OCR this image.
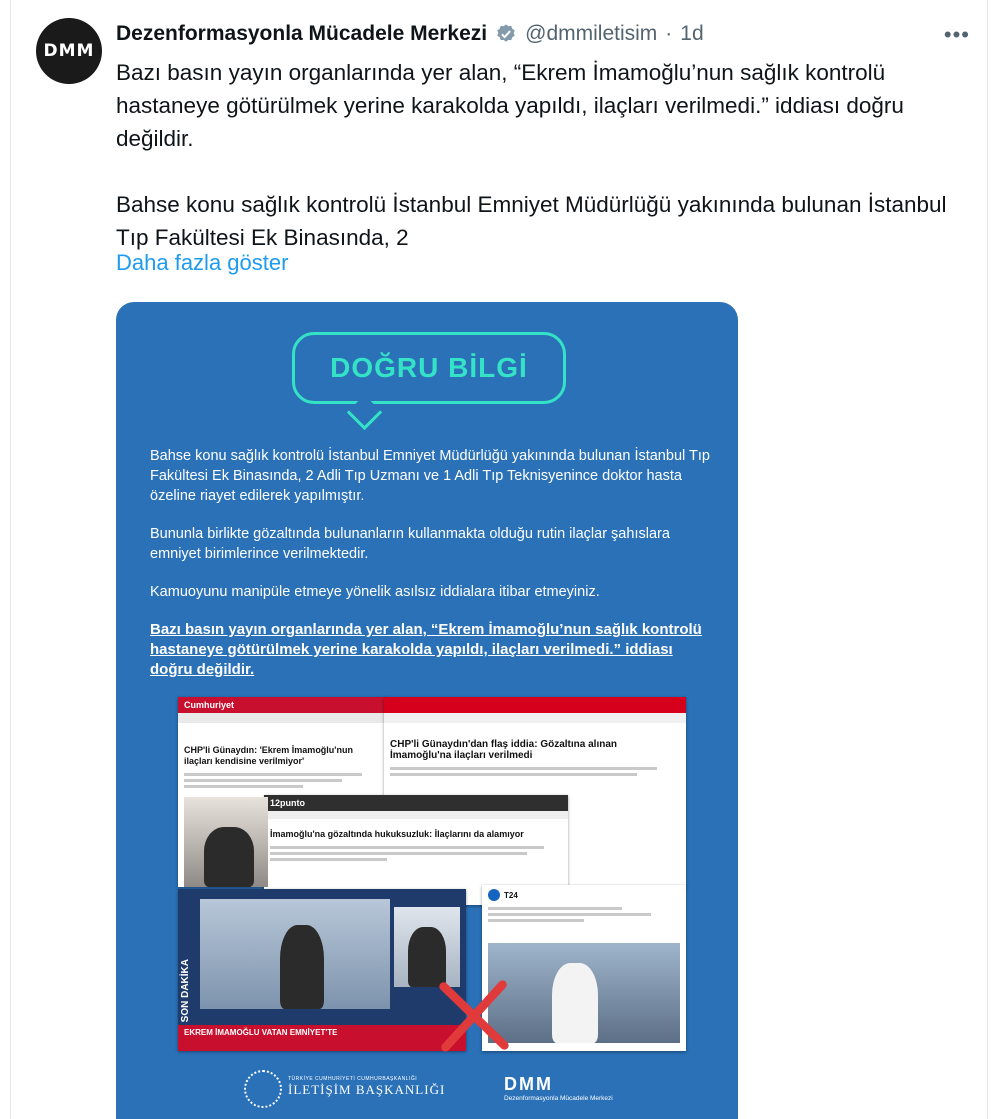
DMM
Dezenformasyonla Mücadele Merkezi @dmmiletisim · 1d	•••

Bazı basın yayın organlarında yer alan, “Ekrem İmamoğlu’nun sağlık kontrolü hastaneye götürülmek yerine karakolda yapıldı, ilaçları verilmedi.” iddiası doğru değildir.

Bahse konu sağlık kontrolü İstanbul Emniyet Müdürlüğü yakınında bulunan İstanbul Tıp Fakültesi Ek Binasında, 2

Daha fazla göster
DOĞRU BİLGİ

Bahse konu sağlık kontrolü İstanbul Emniyet Müdürlüğü yakınında bulunan İstanbul Tıp Fakültesi Ek Binasında, 2 Adli Tıp Uzmanı ve 1 Adli Tıp Teknisyenince doktor hasta özeline riayet edilerek yapılmıştır.

Bununla birlikte gözaltında bulunanların kullanmakta olduğu rutin ilaçlar şahıslara emniyet birimlerince verilmektedir.

Kamuoyunu manipüle etmeye yönelik asılsız iddialara itibar etmeyiniz.

Bazı basın yayın organlarında yer alan, “Ekrem İmamoğlu’nun sağlık kontrolü hastaneye götürülmek yerine karakolda yapıldı, ilaçları verilmedi.” iddiası doğru değildir.

Cumhuriyet
CHP'li Günaydın: 'Ekrem İmamoğlu'nun ilaçları kendisine verilmiyor'
CHP'li Günaydın'dan flaş iddia: Gözaltına alınan İmamoğlu'na ilaçları verilmedi
12punto
İmamoğlu'na gözaltında hukuksuzluk: İlaçlarını da alamıyor
SON DAKİKA
EKREM İMAMOĞLU VATAN EMNİYET'TE
T24
TÜRKİYE CUMHURİYETİ CUMHURBAŞKANLIĞI
İLETİŞİM BAŞKANLIĞI	DMM
Dezenformasyonla Mücadele Merkezi
